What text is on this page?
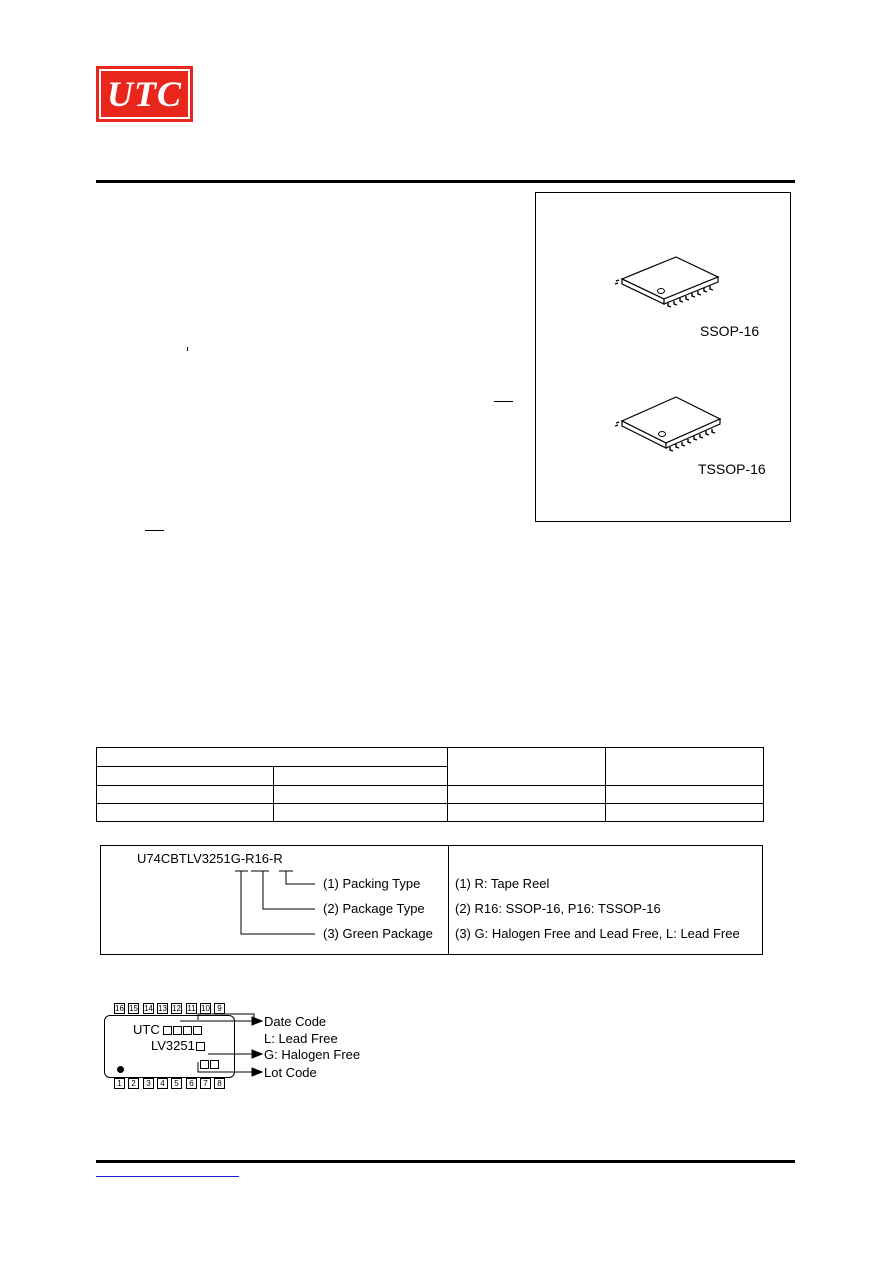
UTC
SSOP-16
TSSOP-16

U74CBTLV3251G-R16-R
(1) Packing Type
(2) Package Type
(3) Green Package
(1) R: Tape Reel
(2) R16: SSOP-16, P16: TSSOP-16
(3) G: Halogen Free and Lead Free, L: Lead Free
16 15 14 13 12 11 10 9
UTC
LV3251
1	2	3	4	5	6	7	8
Date Code
L: Lead Free
G: Halogen Free
Lot Code
